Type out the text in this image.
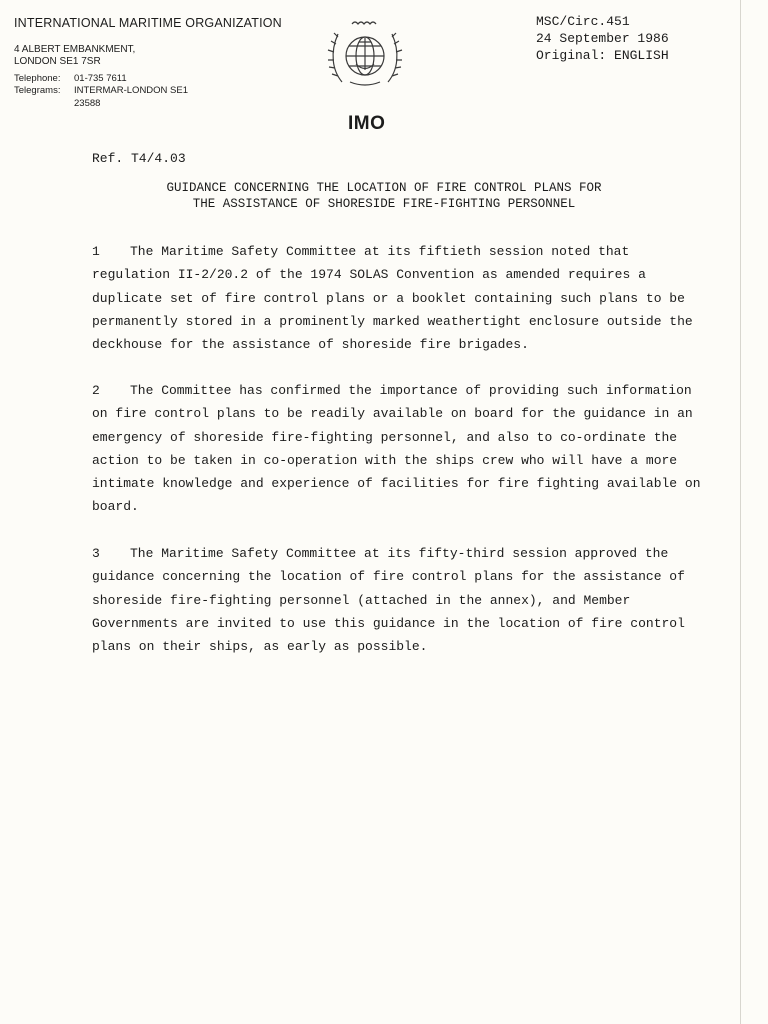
INTERNATIONAL MARITIME ORGANIZATION
4 ALBERT EMBANKMENT,
LONDON SE1 7SR
Telephone: 01-735 7611
Telegrams: INTERMAR-LONDON SE1
23588
MSC/Circ.451
24 September 1986
Original: ENGLISH
IMO
Ref. T4/4.03
GUIDANCE CONCERNING THE LOCATION OF FIRE CONTROL PLANS FOR
THE ASSISTANCE OF SHORESIDE FIRE-FIGHTING PERSONNEL
1 The Maritime Safety Committee at its fiftieth session noted that
regulation II-2/20.2 of the 1974 SOLAS Convention as amended requires a
duplicate set of fire control plans or a booklet containing such plans to be
permanently stored in a prominently marked weathertight enclosure outside the
deckhouse for the assistance of shoreside fire brigades.
2 The Committee has confirmed the importance of providing such information
on fire control plans to be readily available on board for the guidance in an
emergency of shoreside fire-fighting personnel, and also to co-ordinate the
action to be taken in co-operation with the ships crew who will have a more
intimate knowledge and experience of facilities for fire fighting available on
board.
3 The Maritime Safety Committee at its fifty-third session approved the
guidance concerning the location of fire control plans for the assistance of
shoreside fire-fighting personnel (attached in the annex), and Member
Governments are invited to use this guidance in the location of fire control
plans on their ships, as early as possible.
